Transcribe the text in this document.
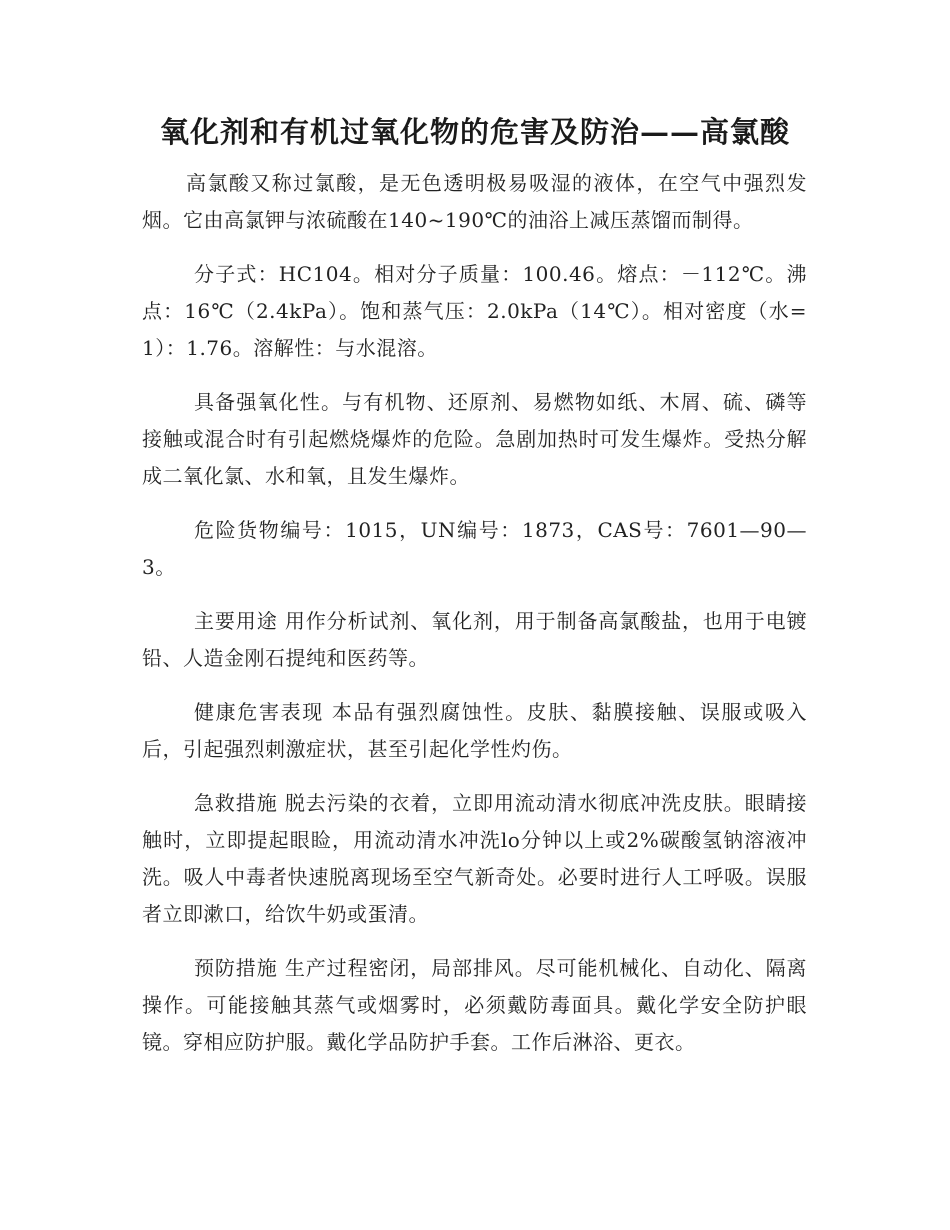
氧化剂和有机过氧化物的危害及防治——高氯酸

高氯酸又称过氯酸，是无色透明极易吸湿的液体，在空气中强烈发烟。它由高氯钾与浓硫酸在140~190℃的油浴上减压蒸馏而制得。

分子式：HC104。相对分子质量：100.46。熔点：－112℃。沸点：16℃（2.4kPa）。饱和蒸气压：2.0kPa（14℃）。相对密度（水=1）：1.76。溶解性：与水混溶。

具备强氧化性。与有机物、还原剂、易燃物如纸、木屑、硫、磷等接触或混合时有引起燃烧爆炸的危险。急剧加热时可发生爆炸。受热分解成二氧化氯、水和氧，且发生爆炸。

危险货物编号：1015，UN编号：1873，CAS号：7601—90—3。

主要用途 用作分析试剂、氧化剂，用于制备高氯酸盐，也用于电镀铅、人造金刚石提纯和医药等。

健康危害表现 本品有强烈腐蚀性。皮肤、黏膜接触、误服或吸入后，引起强烈刺激症状，甚至引起化学性灼伤。

急救措施 脱去污染的衣着，立即用流动清水彻底冲洗皮肤。眼睛接触时，立即提起眼睑，用流动清水冲洗lo分钟以上或2%碳酸氢钠溶液冲洗。吸人中毒者快速脱离现场至空气新奇处。必要时进行人工呼吸。误服者立即漱口，给饮牛奶或蛋清。

预防措施 生产过程密闭，局部排风。尽可能机械化、自动化、隔离操作。可能接触其蒸气或烟雾时，必须戴防毒面具。戴化学安全防护眼镜。穿相应防护服。戴化学品防护手套。工作后淋浴、更衣。
